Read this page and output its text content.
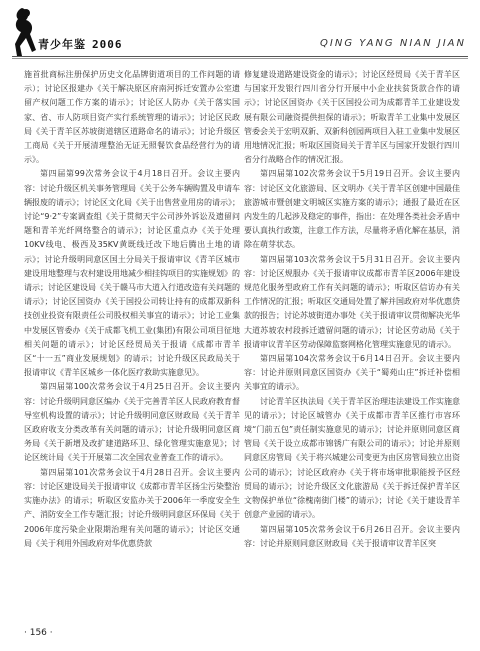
青少年鉴 2006	QING YANG NIAN JIAN

施首批商标注册保护历史文化品牌街道项目的工作问题的请示）；讨论区报建办《关于解决原区府南河拆迁安置办公室遗留产权问题工作方案的请示》；讨论区人防办《关于落实国家、省、市人防项目资产实行系统管理的请示》；讨论区民政局《关于青羊区苏坡街道辖区道路命名的请示》；讨论升级区工商局《关于开展清理整治无证无照餐饮食品经营行为的请示》。

第四届第99次常务会议于4月18日召开。会议主要内容：讨论升级区机关事务管理局《关于公务车辆购置及申请车辆报废的请示》；讨论区文化局《关于出售营业用房的请示》；讨论“9·2”专案调查组《关于贯彻天宇公司涉外诉讼及遗留问题和青羊光纤网络整合的请示》；讨论区重点办《关于处理10KV线电、极西及35KV黄既线迁改下地后腾出土地的请示》；讨论升级明同意区国土分局关于报请审议《青羊区城市建设用地整理与农村建设用地减少相挂钩项目的实施规划》的请示；讨论区建设局《关于赣马市大道入行道改造有关问题的请示》；讨论区国资办《关于国投公司转让持有的成都双新科技创业投资有限责任公司股权相关事宜的请示》；讨论工业集中发展区管委办《关于成都飞机工业(集团)有限公司项目征地相关问题的请示》；讨论区经贸局关于报请《成都市青羊区“十一五”商业发展规划》的请示；讨论升级区民政局关于报请审议《青羊区城乡一体化医疗救助实施意见》。

第四届第100次常务会议于4月25日召开。会议主要内容：讨论升级明同意区编办《关于完善青羊区人民政府教育督导室机构设置的请示》；讨论升级明同意区财政局《关于青羊区政府收支分类改革有关问题的请示》；讨论升级明同意区商务局《关于新增及改扩建道路环卫、绿化管理实施意见》；讨论区统计局《关于开展第二次全国农业普查工作的请示》。

第四届第101次常务会议于4月28日召开。会议主要内容：讨论区建设局关于报请审议《成都市青羊区扬尘污染整治实施办法》的请示；听取区安监办关于2006年一季度安全生产、消防安全工作专题汇报；讨论升级明同意区环保局《关于2006年度污染企业限期治理有关问题的请示》；讨论区交通局《关于利用外国政府对华优惠贷款

修复建设道路建设资金的请示》；讨论区经贸局《关于青羊区与国家开发银行四川省分行开展中小企业扶贫货款合作的请示》；讨论区国资办《关于区国投公司为成都青羊工业建设发展有限公司融资提供担保的请示》；听取青羊工业集中发展区管委会关于宏明双新、双新科创园两项目入驻工业集中发展区用地情况汇报；听取区国资局关于青羊区与国家开发银行四川省分行战略合作的情况汇报。

第四届第102次常务会议于5月19日召开。会议主要内容：讨论区文化旅游局、区文明办《关于青羊区创建中国最佳旅游城市暨创建文明城区实施方案的请示》；通报了最近在区内发生的几起涉及稳定的事件，指出：在处理各类社会矛盾中要认真执行政策，注意工作方法，尽量将矛盾化解在基层，消除在萌芽状态。

第四届第103次常务会议于5月31日召开。会议主要内容：讨论区规服办《关于报请审议成都市青羊区2006年建设规范化服务型政府工作有关问题的请示》；听取区信访办有关工作情况的汇报；听取区交通局处置了解并国政府对华优惠贷款的报告；讨论苏坡街道办事处《关于报请审议贯彻解决光华大道苏坡农村段拆迁遗留问题的请示》；讨论区劳动局《关于报请审议青羊区劳动保障监察网格化管理实施意见的请示》。

第四届第104次常务会议于6月14日召开。会议主要内容：讨论并原则同意区国资办《关于“蜀苑山庄”拆迁补偿相关事宜的请示》。

讨论青羊区执法局《关于青羊区治理违法建设工作实施意见的请示》；讨论区城管办《关于成都市青羊区推行市容环境“门前五包”责任制实施意见的请示》；讨论并原则同意区商管局《关于设立成都市锦锈广有限公司的请示》；讨论并原则同意区房管局《关于将兴城建公司变更为由区房管局独立出资公司的请示》；讨论区政府办《关于将市场审批职能授予区经贸局的请示》；讨论升级区文化旅游局《关于拆迁保护青羊区文物保护单位“徐槐南街门楼”的请示》；讨论《关于建设青羊创意产业园的请示》。

第四届第105次常务会议于6月26日召开。会议主要内容：讨论并原则同意区财政局《关于报请审议青羊区突

· 156 ·
